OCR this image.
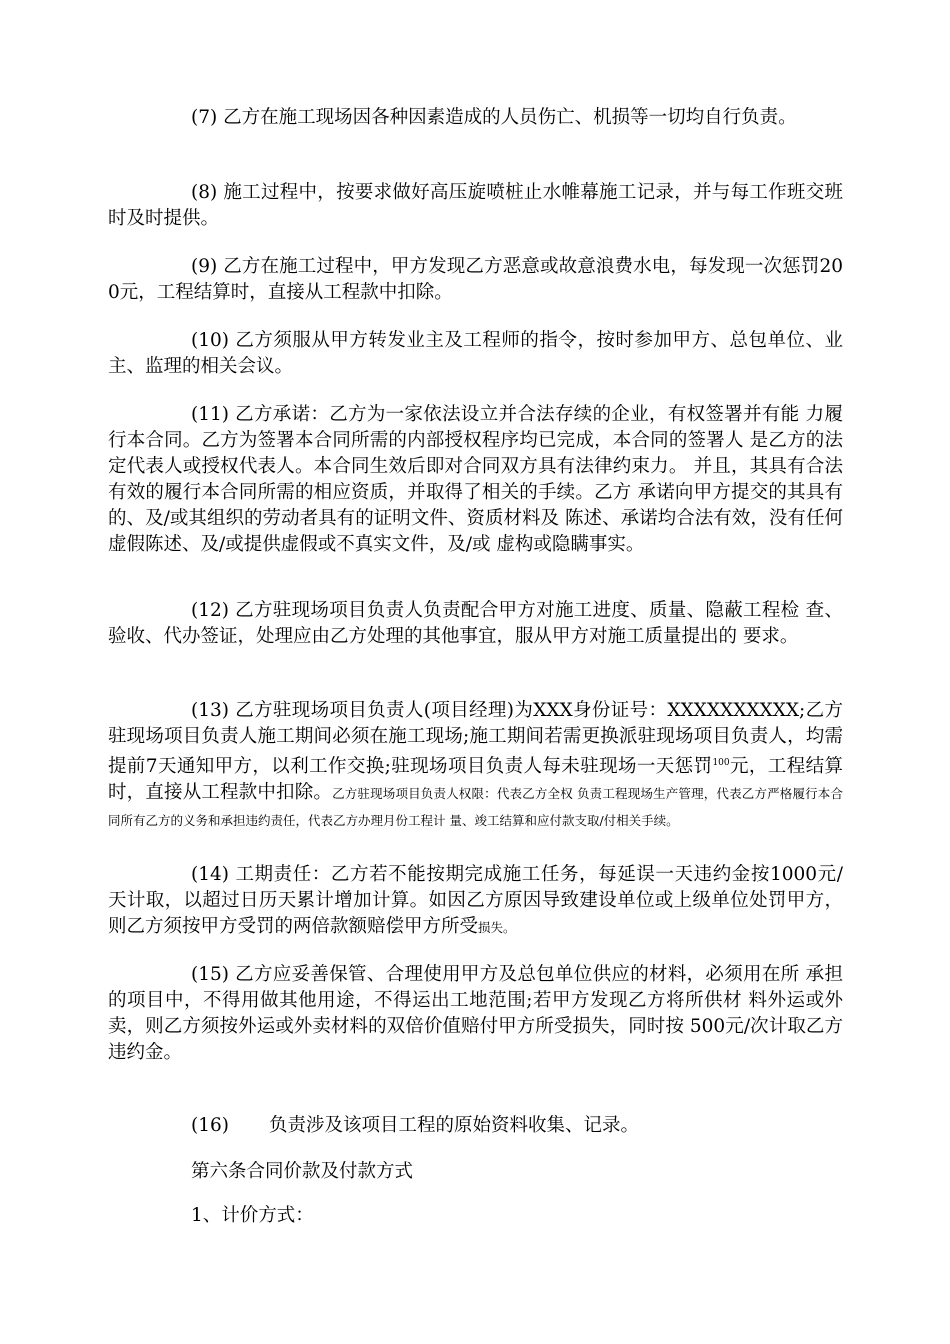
(7) 乙方在施工现场因各种因素造成的人员伤亡、机损等一切均自行负责。

(8) 施工过程中，按要求做好高压旋喷桩止水帷幕施工记录，并与每工作班交班时及时提供。

(9) 乙方在施工过程中，甲方发现乙方恶意或故意浪费水电，每发现一次惩罚200元，工程结算时，直接从工程款中扣除。

(10) 乙方须服从甲方转发业主及工程师的指令，按时参加甲方、总包单位、业主、监理的相关会议。

(11) 乙方承诺：乙方为一家依法设立并合法存续的企业，有权签署并有能 力履行本合同。乙方为签署本合同所需的内部授权程序均已完成，本合同的签署人 是乙方的法定代表人或授权代表人。本合同生效后即对合同双方具有法律约束力。 并且，其具有合法有效的履行本合同所需的相应资质，并取得了相关的手续。乙方 承诺向甲方提交的其具有的、及/或其组织的劳动者具有的证明文件、资质材料及 陈述、承诺均合法有效，没有任何虚假陈述、及/或提供虚假或不真实文件，及/或 虚构或隐瞒事实。

(12) 乙方驻现场项目负责人负责配合甲方对施工进度、质量、隐蔽工程检 查、验收、代办签证，处理应由乙方处理的其他事宜，服从甲方对施工质量提出的 要求。

(13) 乙方驻现场项目负责人(项目经理)为XXX身份证号：XXXXXXXXXX;乙方驻现场项目负责人施工期间必须在施工现场;施工期间若需更换派驻现场项目负责人，均需提前7天通知甲方，以利工作交换;驻现场项目负责人每未驻现场一天惩罚$^{100}$元，工程结算时，直接从工程款中扣除。乙方驻现场项目负责人权限：代表乙方全权 负责工程现场生产管理，代表乙方严格履行本合同所有乙方的义务和承担违约责任，代表乙方办理月份工程计 量、竣工结算和应付款支取/付相关手续。

(14) 工期责任：乙方若不能按期完成施工任务，每延误一天违约金按1000元/天计取，以超过日历天累计增加计算。如因乙方原因导致建设单位或上级单位处罚甲方，则乙方须按甲方受罚的两倍款额赔偿甲方所受损失。

(15) 乙方应妥善保管、合理使用甲方及总包单位供应的材料，必须用在所 承担的项目中，不得用做其他用途，不得运出工地范围;若甲方发现乙方将所供材 料外运或外卖，则乙方须按外运或外卖材料的双倍价值赔付甲方所受损失，同时按 500元/次计取乙方违约金。

(16) 负责涉及该项目工程的原始资料收集、记录。

第六条合同价款及付款方式

1、计价方式：
